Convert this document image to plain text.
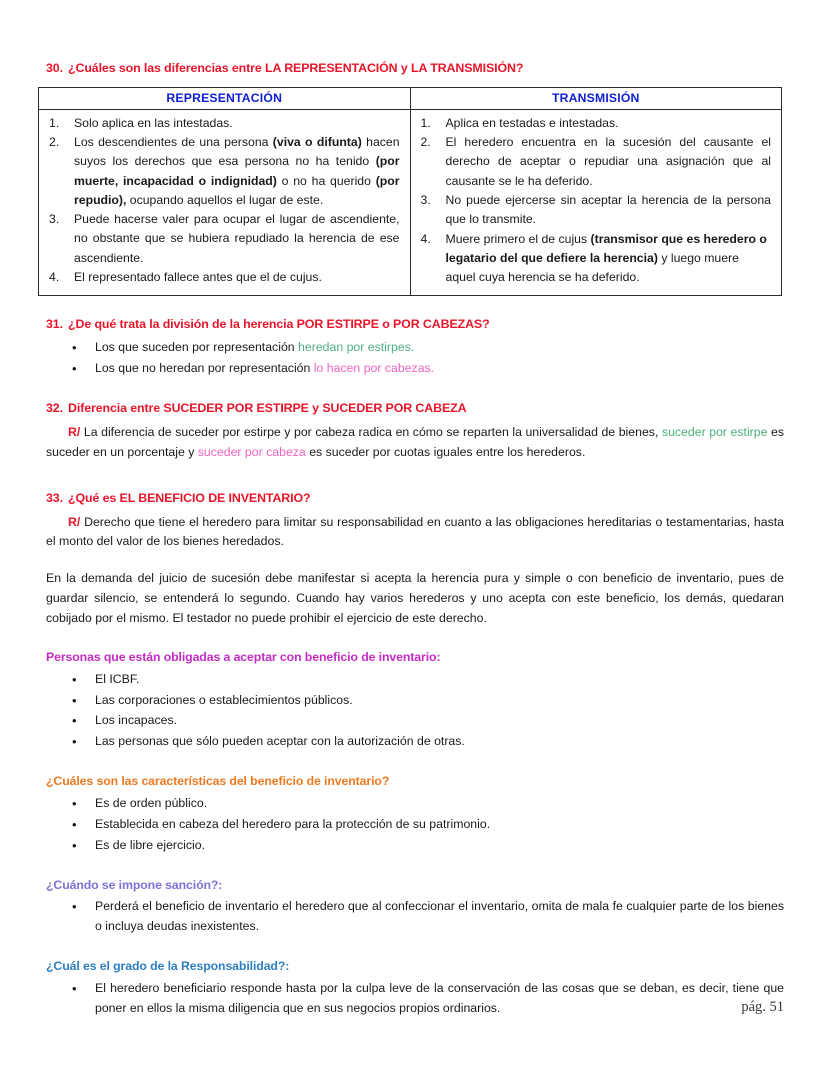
30. ¿Cuáles son las diferencias entre LA REPRESENTACIÓN y LA TRANSMISIÓN?

REPRESENTACIÓN	TRANSMISIÓN

Solo aplica en las intestadas.
Los descendientes de una persona (viva o difunta) hacen suyos los derechos que esa persona no ha tenido (por muerte, incapacidad o indignidad) o no ha querido (por repudio), ocupando aquellos el lugar de este.
Puede hacerse valer para ocupar el lugar de ascendiente, no obstante que se hubiera repudiado la herencia de ese ascendiente.
El representado fallece antes que el de cujus.

Aplica en testadas e intestadas.
El heredero encuentra en la sucesión del causante el derecho de aceptar o repudiar una asignación que al causante se le ha deferido.
No puede ejercerse sin aceptar la herencia de la persona que lo transmite.
Muere primero el de cujus (transmisor que es heredero o legatario del que defiere la herencia) y luego muere aquel cuya herencia se ha deferido.

31. ¿De qué trata la división de la herencia POR ESTIRPE o POR CABEZAS?

• Los que suceden por representación heredan por estirpes.
• Los que no heredan por representación lo hacen por cabezas.

32. Diferencia entre SUCEDER POR ESTIRPE y SUCEDER POR CABEZA

R/ La diferencia de suceder por estirpe y por cabeza radica en cómo se reparten la universalidad de bienes, suceder por estirpe es suceder en un porcentaje y suceder por cabeza es suceder por cuotas iguales entre los herederos.

33. ¿Qué es EL BENEFICIO DE INVENTARIO?

R/ Derecho que tiene el heredero para limitar su responsabilidad en cuanto a las obligaciones hereditarias o testamentarias, hasta el monto del valor de los bienes heredados.

En la demanda del juicio de sucesión debe manifestar si acepta la herencia pura y simple o con beneficio de inventario, pues de guardar silencio, se entenderá lo segundo. Cuando hay varios herederos y uno acepta con este beneficio, los demás, quedaran cobijado por el mismo. El testador no puede prohibir el ejercicio de este derecho.

Personas que están obligadas a aceptar con beneficio de inventario:

• El ICBF.
• Las corporaciones o establecimientos públicos.
• Los incapaces.
• Las personas que sólo pueden aceptar con la autorización de otras.

¿Cuáles son las características del beneficio de inventario?

• Es de orden público.
• Establecida en cabeza del heredero para la protección de su patrimonio.
• Es de libre ejercicio.

¿Cuándo se impone sanción?:

• Perderá el beneficio de inventario el heredero que al confeccionar el inventario, omita de mala fe cualquier parte de los bienes o incluya deudas inexistentes.

¿Cuál es el grado de la Responsabilidad?:

• El heredero beneficiario responde hasta por la culpa leve de la conservación de las cosas que se deban, es decir, tiene que poner en ellos la misma diligencia que en sus negocios propios ordinarios.	pág. 51
